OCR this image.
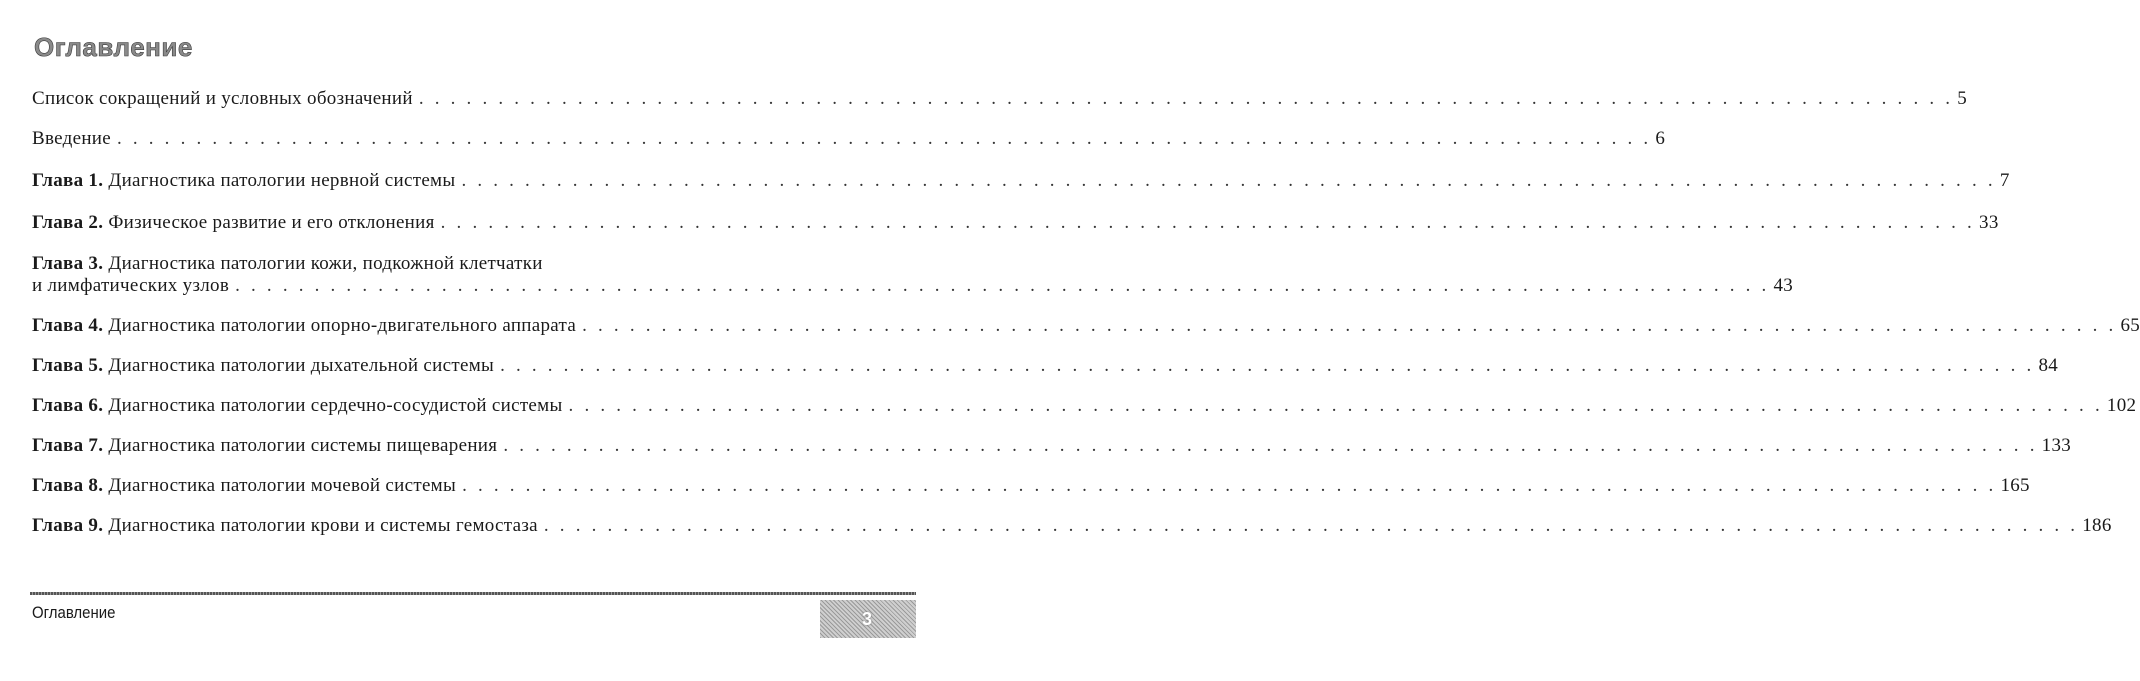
Оглавление
Список сокращений и условных обозначений . . . . . . . . . . . . . . . . . . . . . . . . . . . . . . . . . . . . . . . . . . . . . . . . . . . . . . . . . . . . . . . . . . . . . . . . . . . . . . . . . . . . . . . . . . . . . . . . . 5
Введение . . . . . . . . . . . . . . . . . . . . . . . . . . . . . . . . . . . . . . . . . . . . . . . . . . . . . . . . . . . . . . . . . . . . . . . . . . . . . . . . . . . . . . . . . . . . . . . . . 6
Глава 1. Диагностика патологии нервной системы . . . . . . . . . . . . . . . . . . . . . . . . . . . . . . . . . . . . . . . . . . . . . . . . . . . . . . . . . . . . . . . . . . . . . . . . . . . . . . . . . . . . . . . . . . . . . . . . . 7
Глава 2. Физическое развитие и его отклонения . . . . . . . . . . . . . . . . . . . . . . . . . . . . . . . . . . . . . . . . . . . . . . . . . . . . . . . . . . . . . . . . . . . . . . . . . . . . . . . . . . . . . . . . . . . . . . . . . 33
Глава 3. Диагностика патологии кожи, подкожной клетчатки
и лимфатических узлов . . . . . . . . . . . . . . . . . . . . . . . . . . . . . . . . . . . . . . . . . . . . . . . . . . . . . . . . . . . . . . . . . . . . . . . . . . . . . . . . . . . . . . . . . . . . . . . . . 43
Глава 4. Диагностика патологии опорно-двигательного аппарата . . . . . . . . . . . . . . . . . . . . . . . . . . . . . . . . . . . . . . . . . . . . . . . . . . . . . . . . . . . . . . . . . . . . . . . . . . . . . . . . . . . . . . . . . . . . . . . . . 65
Глава 5. Диагностика патологии дыхательной системы . . . . . . . . . . . . . . . . . . . . . . . . . . . . . . . . . . . . . . . . . . . . . . . . . . . . . . . . . . . . . . . . . . . . . . . . . . . . . . . . . . . . . . . . . . . . . . . . . 84
Глава 6. Диагностика патологии сердечно-сосудистой системы . . . . . . . . . . . . . . . . . . . . . . . . . . . . . . . . . . . . . . . . . . . . . . . . . . . . . . . . . . . . . . . . . . . . . . . . . . . . . . . . . . . . . . . . . . . . . . . . . 102
Глава 7. Диагностика патологии системы пищеварения . . . . . . . . . . . . . . . . . . . . . . . . . . . . . . . . . . . . . . . . . . . . . . . . . . . . . . . . . . . . . . . . . . . . . . . . . . . . . . . . . . . . . . . . . . . . . . . . . 133
Глава 8. Диагностика патологии мочевой системы . . . . . . . . . . . . . . . . . . . . . . . . . . . . . . . . . . . . . . . . . . . . . . . . . . . . . . . . . . . . . . . . . . . . . . . . . . . . . . . . . . . . . . . . . . . . . . . . . 165
Глава 9. Диагностика патологии крови и системы гемостаза . . . . . . . . . . . . . . . . . . . . . . . . . . . . . . . . . . . . . . . . . . . . . . . . . . . . . . . . . . . . . . . . . . . . . . . . . . . . . . . . . . . . . . . . . . . . . . . . . 186
Оглавление	3
